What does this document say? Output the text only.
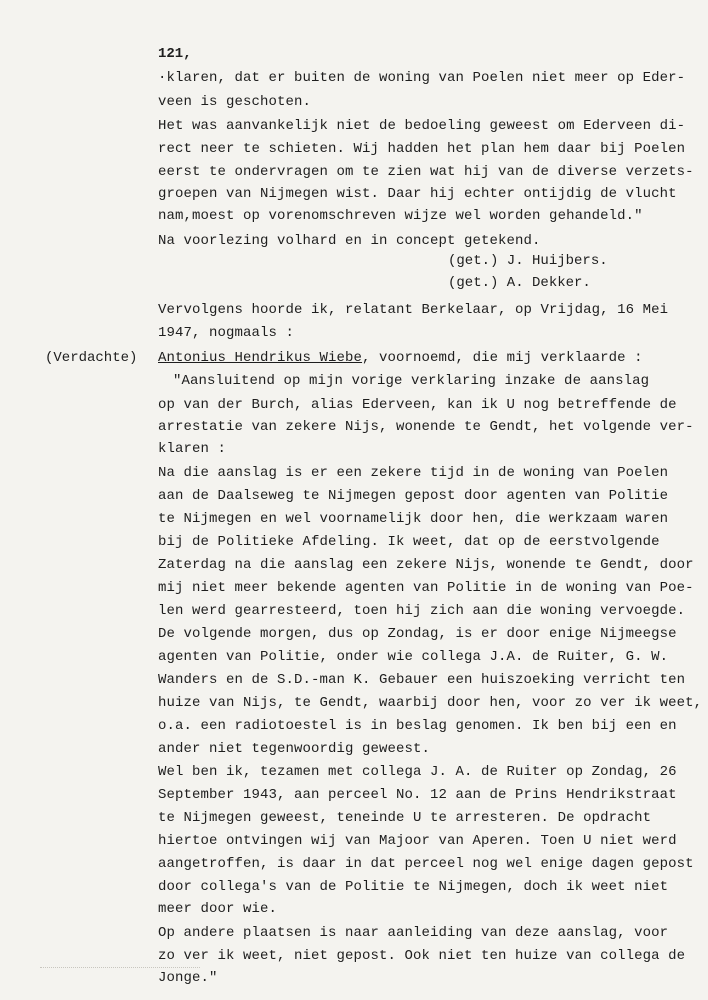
121,
·klaren, dat er buiten de woning van Poelen niet meer op Eder-
veen is geschoten.
Het was aanvankelijk niet de bedoeling geweest om Ederveen di-
rect neer te schieten. Wij hadden het plan hem daar bij Poelen
eerst te ondervragen om te zien wat hij van de diverse verzets-
groepen van Nijmegen wist. Daar hij echter ontijdig de vlucht
nam,moest op vorenomschreven wijze wel worden gehandeld."
Na voorlezing volhard en in concept getekend.
(get.) J. Huijbers.
(get.) A. Dekker.
Vervolgens hoorde ik, relatant Berkelaar, op Vrijdag, 16 Mei
1947, nogmaals :
(Verdachte) Antonius Hendrikus Wiebe, voornoemd, die mij verklaarde :
"Aansluitend op mijn vorige verklaring inzake de aanslag
op van der Burch, alias Ederveen, kan ik U nog betreffende de
arrestatie van zekere Nijs, wonende te Gendt, het volgende ver-
klaren :
Na die aanslag is er een zekere tijd in de woning van Poelen
aan de Daalseweg te Nijmegen gepost door agenten van Politie
te Nijmegen en wel voornamelijk door hen, die werkzaam waren
bij de Politieke Afdeling. Ik weet, dat op de eerstvolgende
Zaterdag na die aanslag een zekere Nijs, wonende te Gendt, door
mij niet meer bekende agenten van Politie in de woning van Poe-
len werd gearresteerd, toen hij zich aan die woning vervoegde.
De volgende morgen, dus op Zondag, is er door enige Nijmeegse
agenten van Politie, onder wie collega J.A. de Ruiter, G. W.
Wanders en de S.D.-man K. Gebauer een huiszoeking verricht ten
huize van Nijs, te Gendt, waarbij door hen, voor zo ver ik weet,
o.a. een radiotoestel is in beslag genomen. Ik ben bij een en
ander niet tegenwoordig geweest.
Wel ben ik, tezamen met collega J. A. de Ruiter op Zondag, 26
September 1943, aan perceel No. 12 aan de Prins Hendrikstraat
te Nijmegen geweest, teneinde U te arresteren. De opdracht
hiertoe ontvingen wij van Majoor van Aperen. Toen U niet werd
aangetroffen, is daar in dat perceel nog wel enige dagen gepost
door collega's van de Politie te Nijmegen, doch ik weet niet
meer door wie.
Op andere plaatsen is naar aanleiding van deze aanslag, voor
zo ver ik weet, niet gepost. Ook niet ten huize van collega de
Jonge."
